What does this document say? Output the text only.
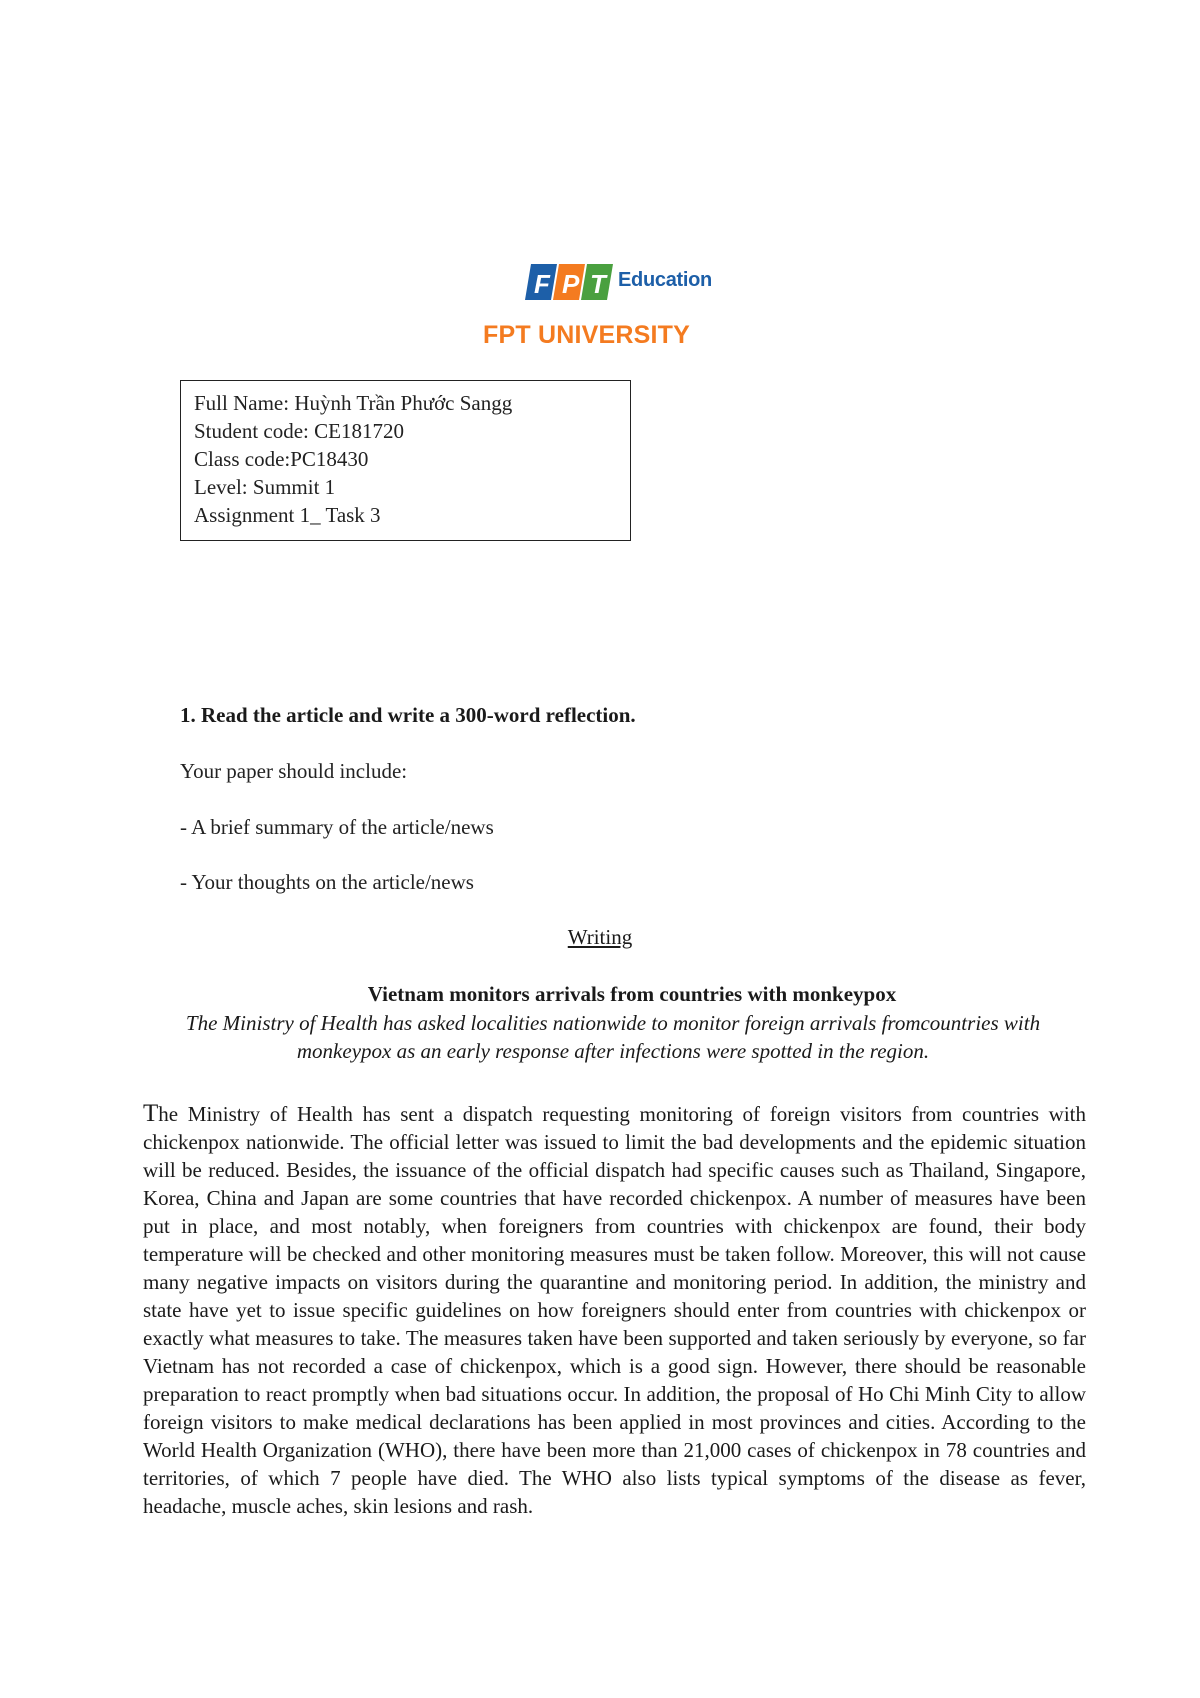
F P T Education
FPT UNIVERSITY
Full Name: Huỳnh Trần Phước Sangg
Student code: CE181720
Class code:PC18430
Level: Summit 1
Assignment 1_ Task 3
1. Read the article and write a 300-word reflection.
Your paper should include:
- A brief summary of the article/news
- Your thoughts on the article/news
Writing
Vietnam monitors arrivals from countries with monkeypox
The Ministry of Health has asked localities nationwide to monitor foreign arrivals fromcountries with monkeypox as an early response after infections were spotted in the region.
The Ministry of Health has sent a dispatch requesting monitoring of foreign visitors from countries with chickenpox nationwide. The official letter was issued to limit the bad developments and the epidemic situation will be reduced. Besides, the issuance of the official dispatch had specific causes such as Thailand, Singapore, Korea, China and Japan are some countries that have recorded chickenpox. A number of measures have been put in place, and most notably, when foreigners from countries with chickenpox are found, their body temperature will be checked and other monitoring measures must be taken follow. Moreover, this will not cause many negative impacts on visitors during the quarantine and monitoring period. In addition, the ministry and state have yet to issue specific guidelines on how foreigners should enter from countries with chickenpox or exactly what measures to take. The measures taken have been supported and taken seriously by everyone, so far Vietnam has not recorded a case of chickenpox, which is a good sign. However, there should be reasonable preparation to react promptly when bad situations occur. In addition, the proposal of Ho Chi Minh City to allow foreign visitors to make medical declarations has been applied in most provinces and cities. According to the World Health Organization (WHO), there have been more than 21,000 cases of chickenpox in 78 countries and territories, of which 7 people have died. The WHO also lists typical symptoms of the disease as fever, headache, muscle aches, skin lesions and rash.
